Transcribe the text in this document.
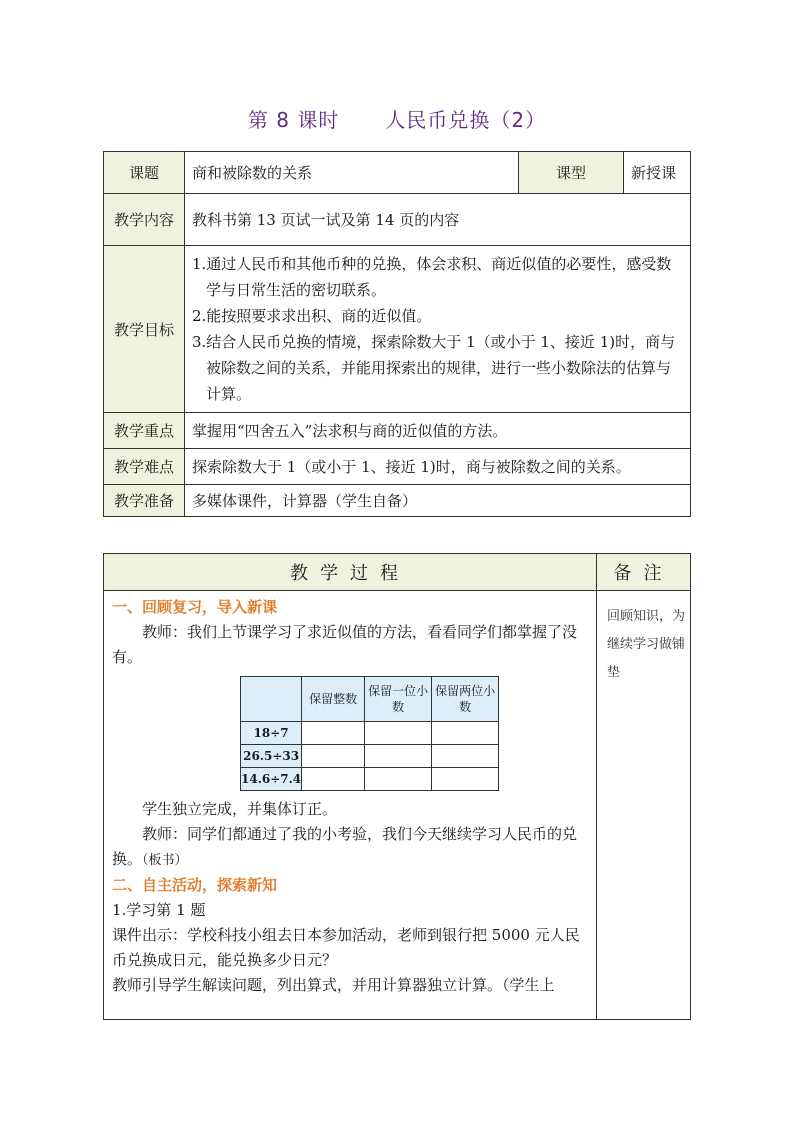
第 8 课时 人民币兑换（2）
课题	商和被除数的关系	课型	新授课
教学内容	教科书第 13 页试一试及第 14 页的内容		
教学目标	1.通过人民币和其他币种的兑换，体会求积、商近似值的必要性，感受数学与日常生活的密切联系。
2.能按照要求求出积、商的近似值。
3.结合人民币兑换的情境，探索除数大于 1（或小于 1、接近 1)时，商与被除数之间的关系，并能用探索出的规律，进行一些小数除法的估算与计算。		

教学重点	掌握用“四舍五入”法求积与商的近似值的方法。		
教学难点	探索除数大于 1（或小于 1、接近 1)时，商与被除数之间的关系。		
教学准备	多媒体课件，计算器（学生自备）		
教学过程	备注

一、回顾复习，导入新课
教师：我们上节课学习了求近似值的方法，看看同学们都掌握了没有。
	保留整数	保留一位小数	保留两位小数
18÷7			
26.5÷33			
14.6÷7.4			
学生独立完成，并集体订正。
教师：同学们都通过了我的小考验，我们今天继续学习人民币的兑换。（板书）
二、自主活动，探索新知
1.学习第 1 题
课件出示：学校科技小组去日本参加活动，老师到银行把 5000 元人民币兑换成日元，能兑换多少日元？
教师引导学生解读问题，列出算式，并用计算器独立计算。（学生上
	回顾知识，为继续学习做铺垫
